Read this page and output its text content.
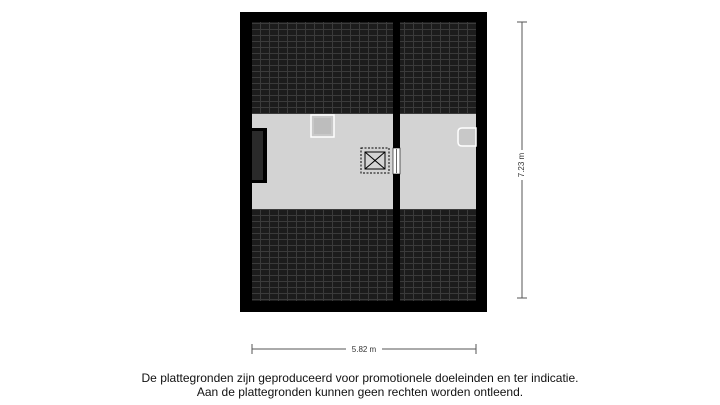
7.23 m
5.82 m
De plattegronden zijn geproduceerd voor promotionele doeleinden en ter indicatie.
Aan de plattegronden kunnen geen rechten worden ontleend.
